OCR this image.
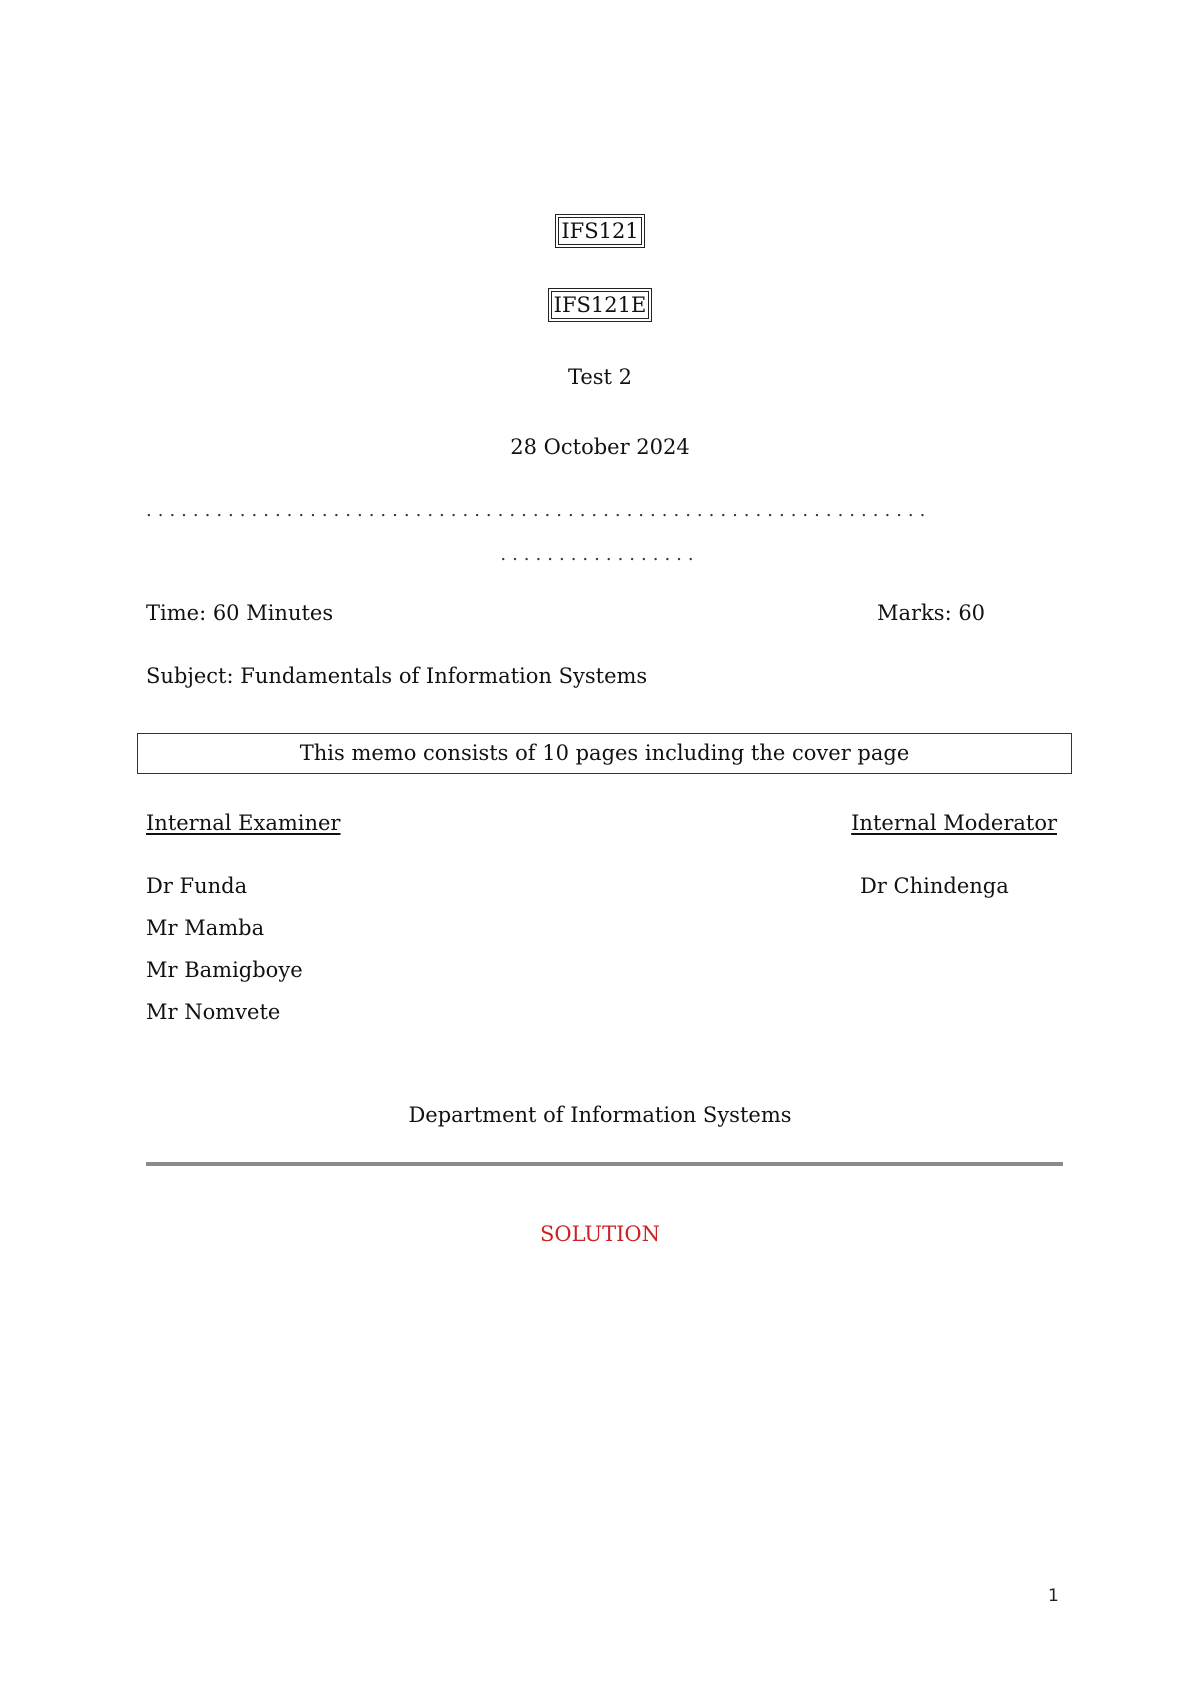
IFS121
IFS121E
Test 2
28 October 2024
...................................................................
.................
Time: 60 Minutes	Marks: 60
Subject: Fundamentals of Information Systems
This memo consists of 10 pages including the cover page
Internal Examiner	Internal Moderator
Dr Funda
Mr Mamba
Mr Bamigboye
Mr Nomvete
Dr Chindenga
Department of Information Systems
SOLUTION
1
